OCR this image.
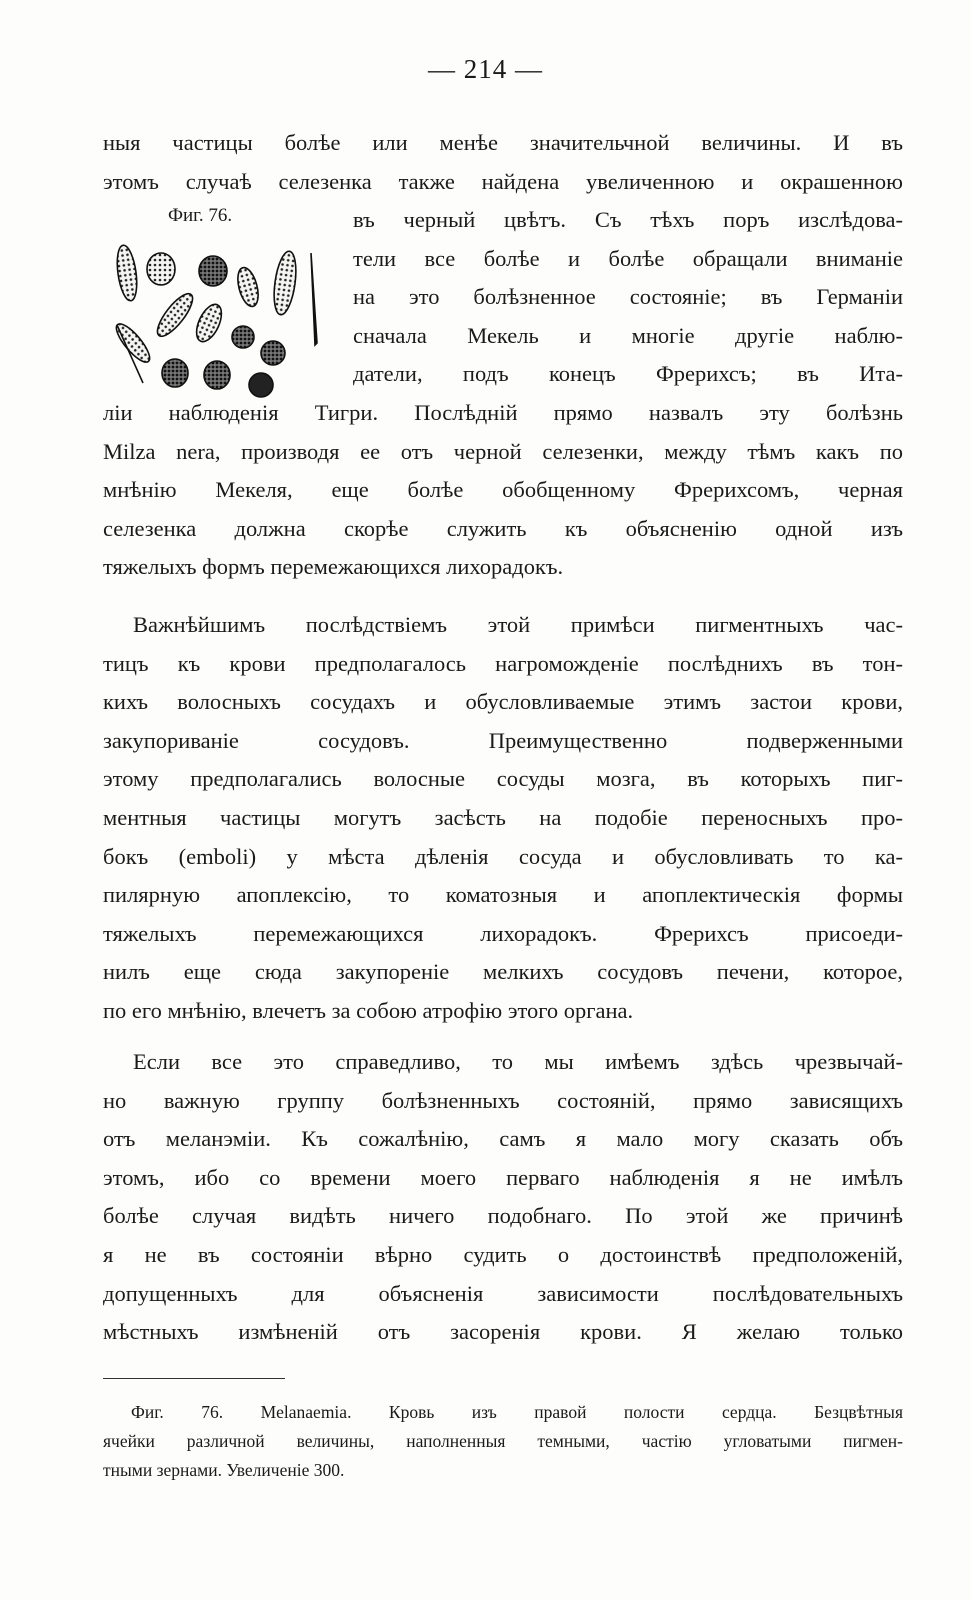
— 214 —
Фиг. 76.
ныя частицы болѣе или менѣе значительчной величины. И въ
этомъ случаѣ селезенка также найдена увеличенною и окрашенною
въ черный цвѣтъ. Съ тѣхъ поръ изслѣдова-
тели все болѣе и болѣе обращали вниманіе
на это болѣзненное состояніе; въ Германіи
сначала Мекель и многіе другіе наблю-
датели, подъ конецъ Фрерихсъ; въ Ита-
ліи наблюденія Тигри. Послѣдній прямо назвалъ эту болѣзнь
Milza nera, производя ее отъ черной селезенки, между тѣмъ какъ по
мнѣнію Мекеля, еще болѣе обобщенному Фрерихсомъ, черная
селезенка должна скорѣе служить къ объясненію одной изъ
тяжелыхъ формъ перемежающихся лихорадокъ.
Важнѣйшимъ послѣдствіемъ этой примѣси пигментныхъ час-
тицъ къ крови предполагалось нагроможденіе послѣднихъ въ тон-
кихъ волосныхъ сосудахъ и обусловливаемые этимъ застои крови,
закупориваніе сосудовъ. Преимущественно подверженными
этому предполагались волосные сосуды мозга, въ которыхъ пиг-
ментныя частицы могутъ засѣсть на подобіе переносныхъ про-
бокъ (emboli) у мѣста дѣленія сосуда и обусловливать то ка-
пилярную апоплексію, то коматозныя и апоплектическія формы
тяжелыхъ перемежающихся лихорадокъ. Фрерихсъ присоеди-
нилъ еще сюда закупореніе мелкихъ сосудовъ печени, которое,
по его мнѣнію, влечетъ за собою атрофію этого органа.
Если все это справедливо, то мы имѣемъ здѣсь чрезвычай-
но важную группу болѣзненныхъ состояній, прямо зависящихъ
отъ меланэміи. Къ сожалѣнію, самъ я мало могу сказать объ
этомъ, ибо со времени моего перваго наблюденія я не имѣлъ
болѣе случая видѣть ничего подобнаго. По этой же причинѣ
я не въ состояніи вѣрно судить о достоинствѣ предположеній,
допущенныхъ для объясненія зависимости послѣдовательныхъ
мѣстныхъ измѣненій отъ засоренія крови. Я желаю только
Фиг. 76. Melanaemia. Кровь изъ правой полости сердца. Безцвѣтныя
ячейки различной величины, наполненныя темными, частію угловатыми пигмен-
тными зернами. Увеличеніе 300.
